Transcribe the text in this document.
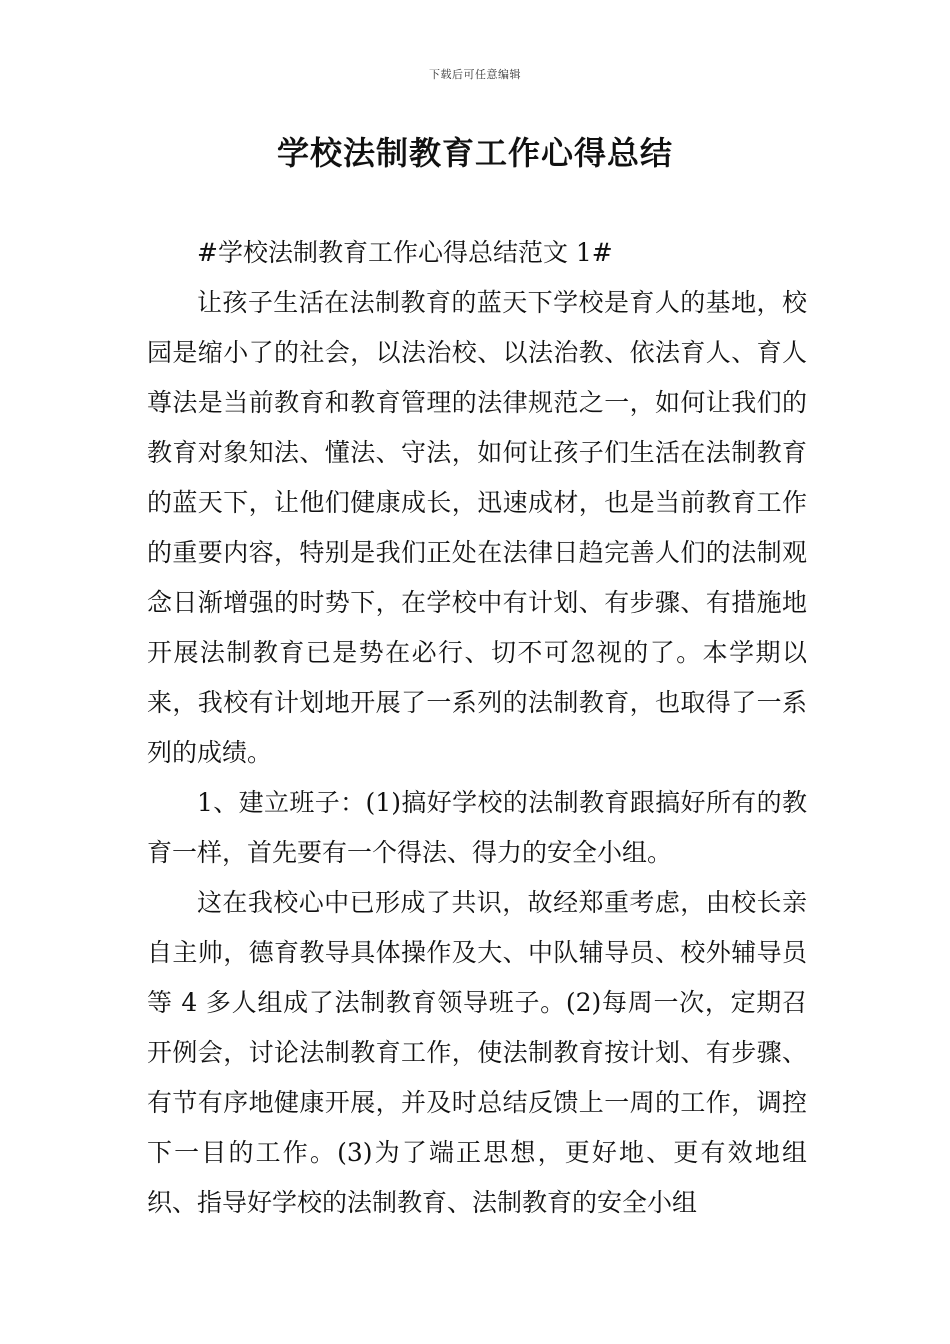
下载后可任意编辑
学校法制教育工作心得总结

#学校法制教育工作心得总结范文 1#

让孩子生活在法制教育的蓝天下学校是育人的基地，校园是缩小了的社会，以法治校、以法治教、依法育人、育人尊法是当前教育和教育管理的法律规范之一，如何让我们的教育对象知法、懂法、守法，如何让孩子们生活在法制教育的蓝天下，让他们健康成长，迅速成材，也是当前教育工作的重要内容，特别是我们正处在法律日趋完善人们的法制观念日渐增强的时势下，在学校中有计划、有步骤、有措施地开展法制教育已是势在必行、切不可忽视的了。本学期以来，我校有计划地开展了一系列的法制教育，也取得了一系列的成绩。

1、建立班子：(1)搞好学校的法制教育跟搞好所有的教育一样，首先要有一个得法、得力的安全小组。

这在我校心中已形成了共识，故经郑重考虑，由校长亲自主帅，德育教导具体操作及大、中队辅导员、校外辅导员等 4 多人组成了法制教育领导班子。(2)每周一次，定期召开例会，讨论法制教育工作，使法制教育按计划、有步骤、有节有序地健康开展，并及时总结反馈上一周的工作，调控下一目的工作。(3)为了端正思想，更好地、更有效地组织、指导好学校的法制教育、法制教育的安全小组
